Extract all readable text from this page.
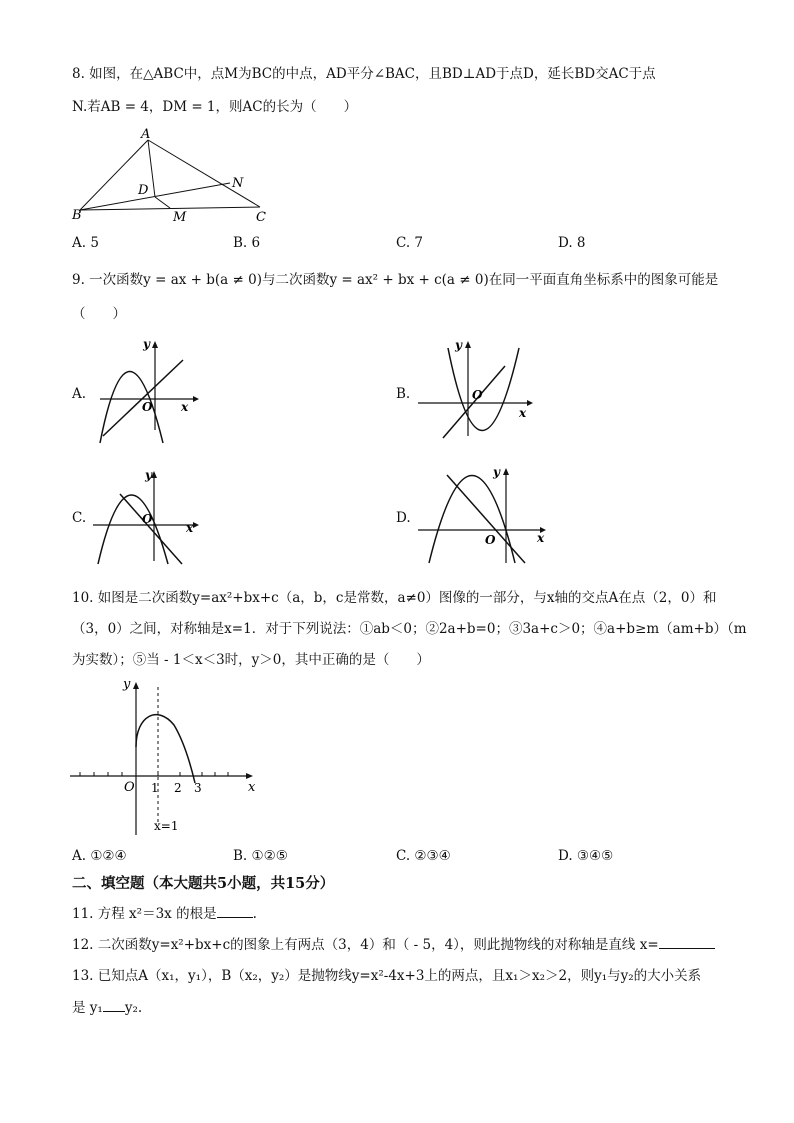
8. 如图，在△ABC中，点M为BC的中点，AD平分∠BAC，且BD⊥AD于点D，延长BD交AC于点
N.若AB = 4，DM = 1，则AC的长为（　　）
A
B	C
D
M
N
A. 5	B. 6	C. 7	D. 8
9. 一次函数y = ax + b(a ≠ 0)与二次函数y = ax² + bx + c(a ≠ 0)在同一平面直角坐标系中的图象可能是
（　　）
A.
y
x
O
B.
y
x
O
C.
y
x
O	D.
y
x
O
10. 如图是二次函数y=ax²+bx+c（a，b，c是常数，a≠0）图像的一部分，与x轴的交点A在点（2，0）和
（3，0）之间，对称轴是x=1．对于下列说法：①ab＜0；②2a+b=0；③3a+c＞0；④a+b≥m（am+b）（m
为实数）；⑤当 - 1＜x＜3时，y＞0，其中正确的是（　　）
y
x
O 1 2 3
x=1
A. ①②④	B. ①②⑤	C. ②③④	D. ③④⑤
二、填空题（本大题共5小题，共15分）
11. 方程 x²＝3x 的根是	.
12. 二次函数y=x²+bx+c的图象上有两点（3，4）和（ - 5，4），则此抛物线的对称轴是直线 x=
13. 已知点A（x₁，y₁），B（x₂，y₂）是抛物线y=x²-4x+3上的两点，且x₁＞x₂＞2，则y₁与y₂的大小关系
是 y₁ y₂.
